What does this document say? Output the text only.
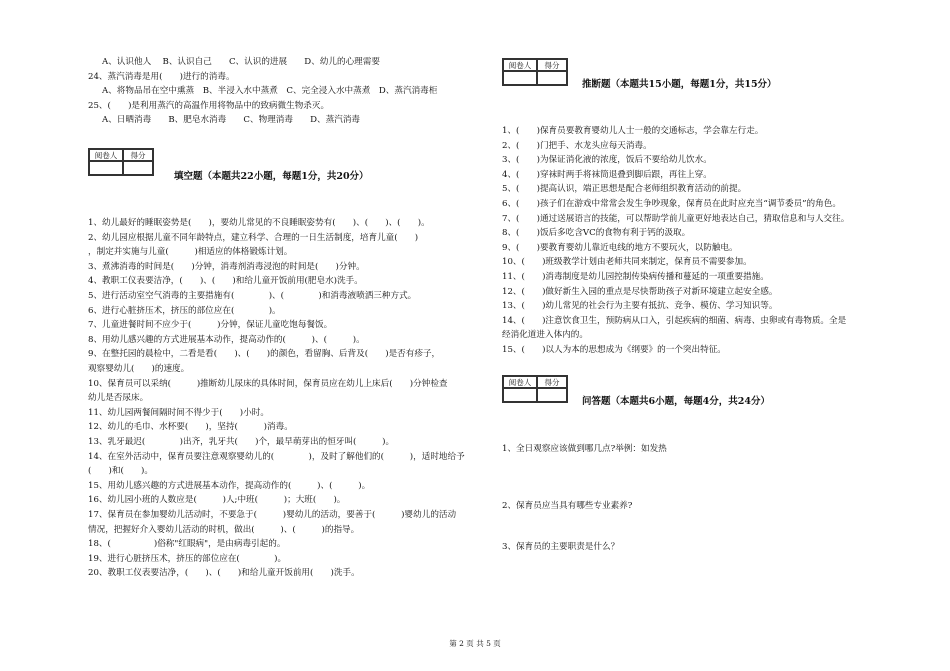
A、认识他人　 B、认识自己　　C、认识的进展　　D、幼儿的心理需要
24、蒸汽消毒是用(　　)进行的消毒。
A、将物品吊在空中熏蒸　B、半浸入水中蒸煮　C、完全浸入水中蒸煮　D、蒸汽消毒柜
25、(　　)是利用蒸汽的高温作用将物品中的致病微生物杀灭。
A、日晒消毒　　B、肥皂水消毒　　C、物理消毒　　D、蒸汽消毒
阅卷人	得分
填空题（本题共22小题，每题1分，共20分）
1、幼儿最好的睡眠姿势是(　　)，要幼儿常见的不良睡眠姿势有(　　)、(　　)、(　　)。
2、幼儿园应根据儿童不同年龄特点，建立科学、合理的一日生活制度，培育儿童(　　)
，制定并实施与儿童(　　　)相适应的体格锻炼计划。
3、煮沸消毒的时间是(　　)分钟，消毒剂消毒浸泡的时间是(　　)分钟。
4、教职工仪表要洁净，(　　)、(　　)和给儿童开饭前用(肥皂水)洗手。
5、进行活动室空气消毒的主要措施有(　　　　)、(　　　　)和消毒液喷洒三种方式。
6、进行心脏挤压术，挤压的部位应在(　　　　)。
7、儿童进餐时间不应少于(　　　)分钟，保证儿童吃饱每餐饭。
8、用幼儿感兴趣的方式进展基本动作，提高动作的(　　　)、(　　　)。
9、在整托园的晨检中，二看是看(　　)、(　　)的颜色，看留胸、后背及(　　)是否有疹子，
观察婴幼儿(　　)的速度。
10、保育员可以采纳(　　　)推断幼儿尿床的具体时间，保育员应在幼儿上床后(　　)分钟检查
幼儿是否尿床。
11、幼儿园两餐间隔时间不得少于(　　)小时。
12、幼儿的毛巾、水杯要(　　)，坚持(　　　)消毒。
13、乳牙最迟(　　　　)出齐，乳牙共(　　)个，最早萌芽出的恒牙叫(　　　)。
14、在室外活动中，保育员要注意观察婴幼儿的(　　　　)，及时了解他们的(　　　)，适时地给予
(　　)和(　　)。
15、用幼儿感兴趣的方式进展基本动作，提高动作的(　　　)、(　　　)。
16、幼儿园小班的人数应是(　　　)人;中班(　　　)；大班(　　)。
17、保育员在参加婴幼儿活动时，不要急于(　　　)婴幼儿的活动，要善于(　　　)婴幼儿的活动
情况，把握好介入婴幼儿活动的时机，做出(　　　)、(　　　)的指导。
18、(　　　　　)俗称"红眼病"，是由病毒引起的。
19、进行心脏挤压术，挤压的部位应在(　　　　)。
20、教职工仪表要洁净，(　　)、(　　)和给儿童开饭前用(　　)洗手。
阅卷人	得分
推断题（本题共15小题，每题1分，共15分）
1、(　　)保育员要教育婴幼儿人士一般的交通标志，学会靠左行走。
2、(　　)门把手、水龙头应每天消毒。
3、(　　)为保证消化液的浓度，饭后不要给幼儿饮水。
4、(　　)穿袜时两手将袜筒退叠到脚后跟，再往上穿。
5、(　　)提高认识，端正思想是配合老师组织教育活动的前提。
6、(　　)孩子们在游戏中常常会发生争吵现象，保育员在此时应充当“调节委员”的角色。
7、(　　)通过送展语言的技能，可以帮助学前儿童更好地表达自己，猜取信息和与人交往。
8、(　　)饭后多吃含VC的食物有利于钙的汲取。
9、(　　)要教育婴幼儿靠近电线的地方不要玩火，以防触电。
10、(　　)班级教学计划由老师共同来制定，保育员不需要参加。
11、(　　)消毒制度是幼儿园控制传染病传播和蔓延的一项重要措施。
12、(　　)做好新生入园的重点是尽快帮助孩子对新环境建立起安全感。
13、(　　)幼儿常见的社会行为主要有抵抗、竞争、模仿、学习知识等。
14、(　　)注意饮食卫生，预防病从口入，引起疾病的细菌、病毒、虫卵或有毒物质。全是
经消化道进入体内的。
15、(　　)以人为本的思想成为《纲要》的一个突出特征。
阅卷人	得分
问答题（本题共6小题，每题4分，共24分）
1、全日观察应该做到哪几点?举例：如发热
2、保育员应当具有哪些专业素养?
3、保育员的主要职责是什么？
第 2 页 共 5 页
